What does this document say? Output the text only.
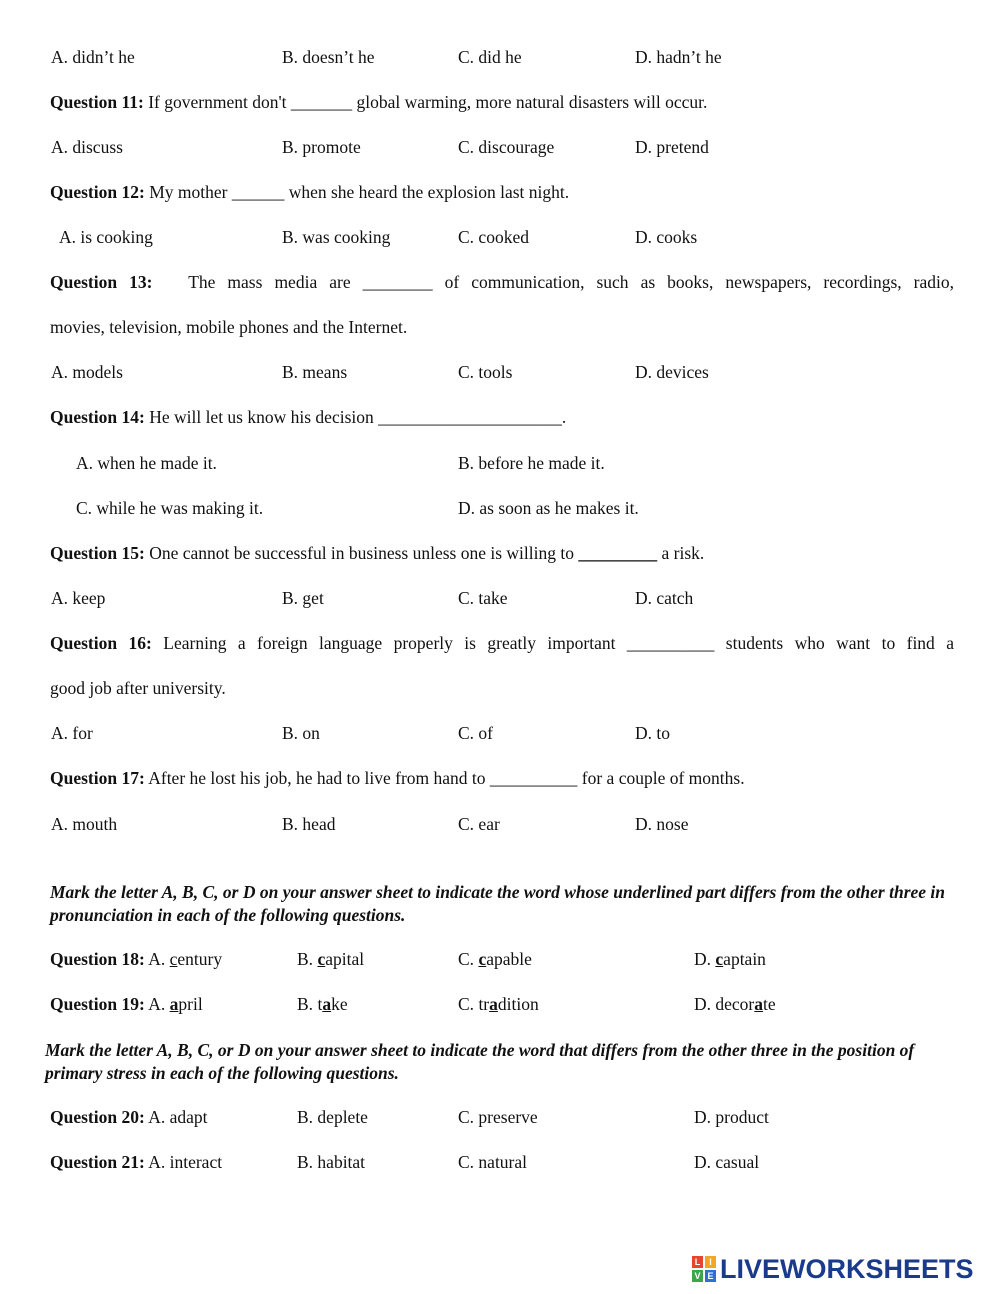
A. didn’t he	B. doesn’t he	C. did he	D. hadn’t he
Question 11: If government don't _______ global warming, more natural disasters will occur.
A. discuss	B. promote	C. discourage	D. pretend
Question 12: My mother ______ when she heard the explosion last night.
A. is cooking	B. was cooking	C. cooked	D. cooks
Question 13: The mass media are ________ of communication, such as books, newspapers, recordings, radio,
movies, television, mobile phones and the Internet.
A. models	B. means	C. tools	D. devices
Question 14: He will let us know his decision _____________________.
A. when he made it.	B. before he made it.
C. while he was making it.	D. as soon as he makes it.
Question 15: One cannot be successful in business unless one is willing to _________ a risk.
A. keep	B. get	C. take	D. catch
Question 16: Learning a foreign language properly is greatly important __________ students who want to find a
good job after university.
A. for	B. on	C. of	D. to
Question 17: After he lost his job, he had to live from hand to __________ for a couple of months.
A. mouth	B. head	C. ear	D. nose
Mark the letter A, B, C, or D on your answer sheet to indicate the word whose underlined part differs from the other three in pronunciation in each of the following questions.
Question 18: A. century	B. capital	C. capable	D. captain
Question 19: A. april	B. take	C. tradition	D. decorate
Mark the letter A, B, C, or D on your answer sheet to indicate the word that differs from the other three in the position of primary stress in each of the following questions.
Question 20: A. adapt	B. deplete	C. preserve	D. product
Question 21: A. interact	B. habitat	C. natural	D. casual
L I
V E LIVEWORKSHEETS
